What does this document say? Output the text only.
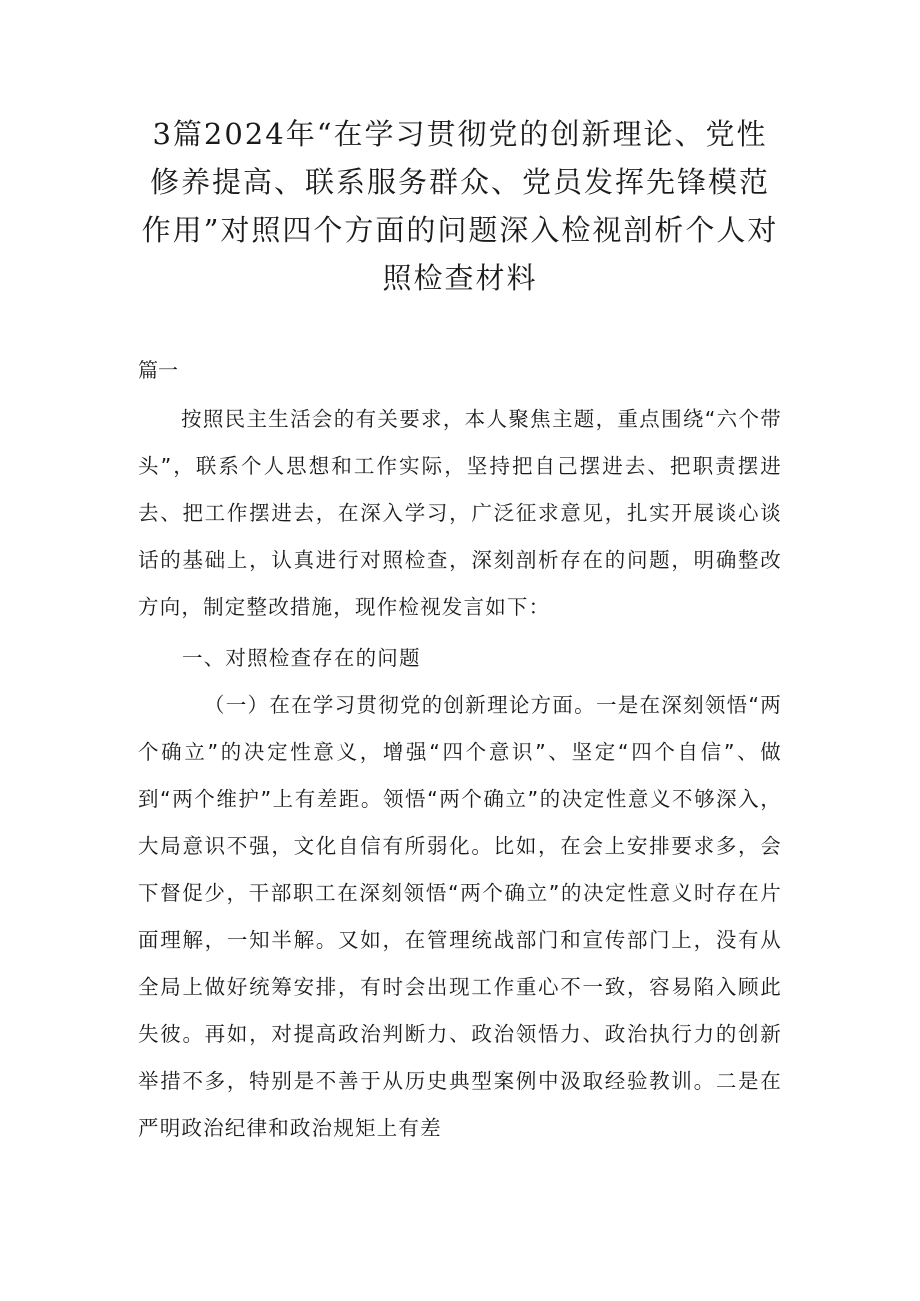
3篇2024年“在学习贯彻党的创新理论、党性修养提高、联系服务群众、党员发挥先锋模范作用”对照四个方面的问题深入检视剖析个人对照检查材料

篇一

按照民主生活会的有关要求，本人聚焦主题，重点围绕“六个带头”，联系个人思想和工作实际，坚持把自己摆进去、把职责摆进去、把工作摆进去，在深入学习，广泛征求意见，扎实开展谈心谈话的基础上，认真进行对照检查，深刻剖析存在的问题，明确整改方向，制定整改措施，现作检视发言如下：

一、对照检查存在的问题

（一）在在学习贯彻党的创新理论方面。一是在深刻领悟“两个确立”的决定性意义，增强“四个意识”、坚定“四个自信”、做到“两个维护”上有差距。领悟“两个确立”的决定性意义不够深入，大局意识不强，文化自信有所弱化。比如，在会上安排要求多，会下督促少，干部职工在深刻领悟“两个确立”的决定性意义时存在片面理解，一知半解。又如，在管理统战部门和宣传部门上，没有从全局上做好统筹安排，有时会出现工作重心不一致，容易陷入顾此失彼。再如，对提高政治判断力、政治领悟力、政治执行力的创新举措不多，特别是不善于从历史典型案例中汲取经验教训。二是在严明政治纪律和政治规矩上有差
